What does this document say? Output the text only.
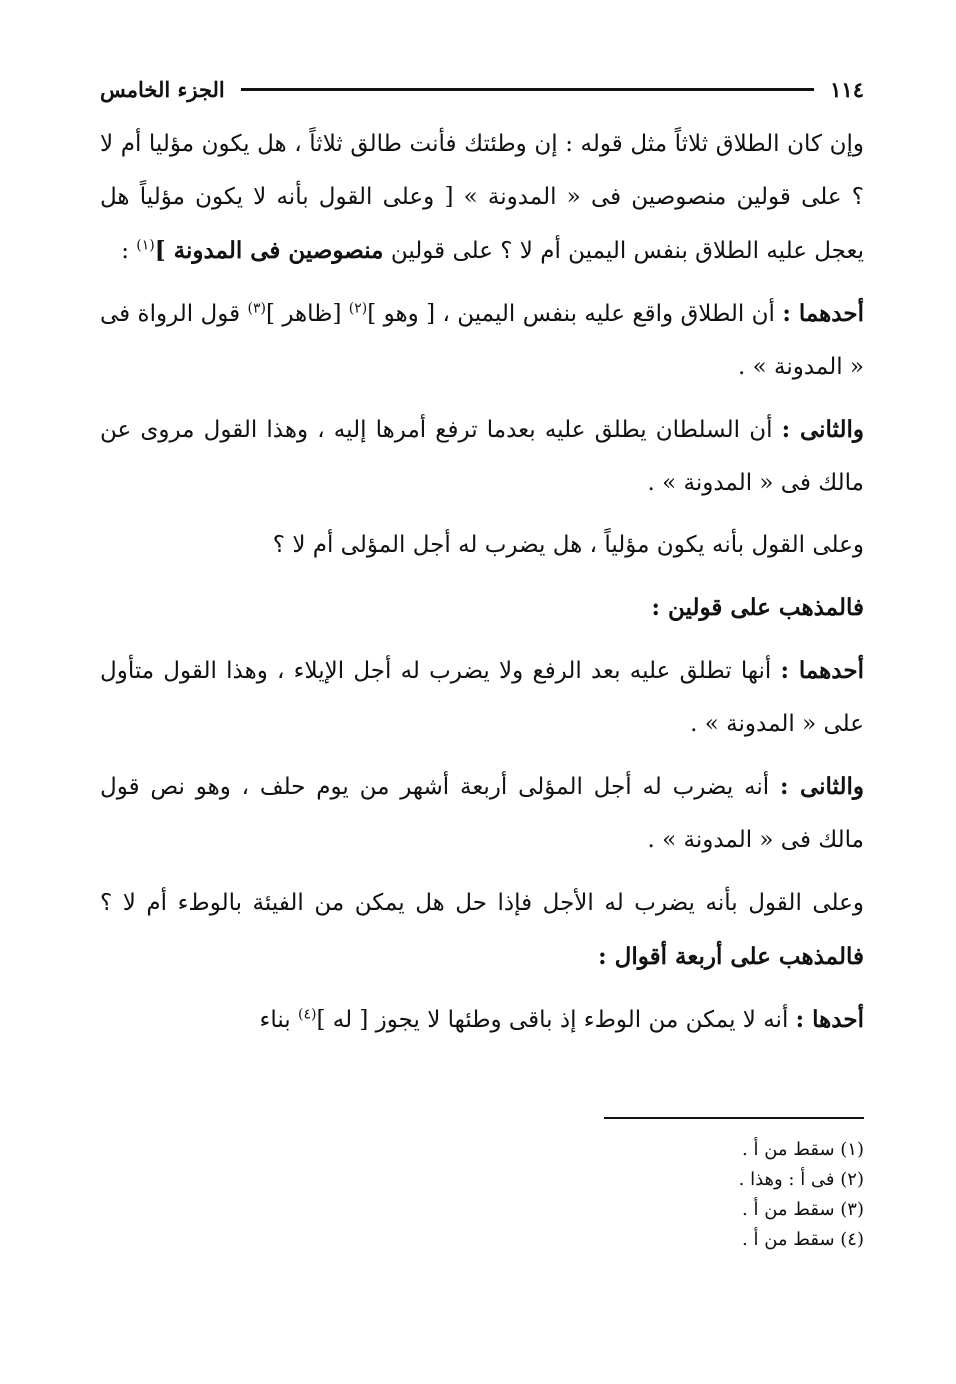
١١٤
الجزء الخامس

وإن كان الطلاق ثلاثاً مثل قوله : إن وطئتك فأنت طالق ثلاثاً ، هل يكون مؤليا أم لا ؟ على قولين منصوصين فى « المدونة » [ وعلى القول بأنه لا يكون مؤلياً هل يعجل عليه الطلاق بنفس اليمين أم لا ؟ على قولين منصوصين فى المدونة ]$^{(١)}$ :

أحدهما : أن الطلاق واقع عليه بنفس اليمين ، [ وهو ]$^{(٢)}$ [ظاهر ]$^{(٣)}$ قول الرواة فى « المدونة » .

والثانى : أن السلطان يطلق عليه بعدما ترفع أمرها إليه ، وهذا القول مروى عن مالك فى « المدونة » .

وعلى القول بأنه يكون مؤلياً ، هل يضرب له أجل المؤلى أم لا ؟

فالمذهب على قولين :

أحدهما : أنها تطلق عليه بعد الرفع ولا يضرب له أجل الإيلاء ، وهذا القول متأول على « المدونة » .

والثانى : أنه يضرب له أجل المؤلى أربعة أشهر من يوم حلف ، وهو نص قول مالك فى « المدونة » .

وعلى القول بأنه يضرب له الأجل فإذا حل هل يمكن من الفيئة بالوطء أم لا ؟ فالمذهب على أربعة أقوال :

أحدها : أنه لا يمكن من الوطء إذ باقى وطئها لا يجوز [ له ]$^{(٤)}$ بناء

(١) سقط من أ .
(٢) فى أ : وهذا .
(٣) سقط من أ .
(٤) سقط من أ .
